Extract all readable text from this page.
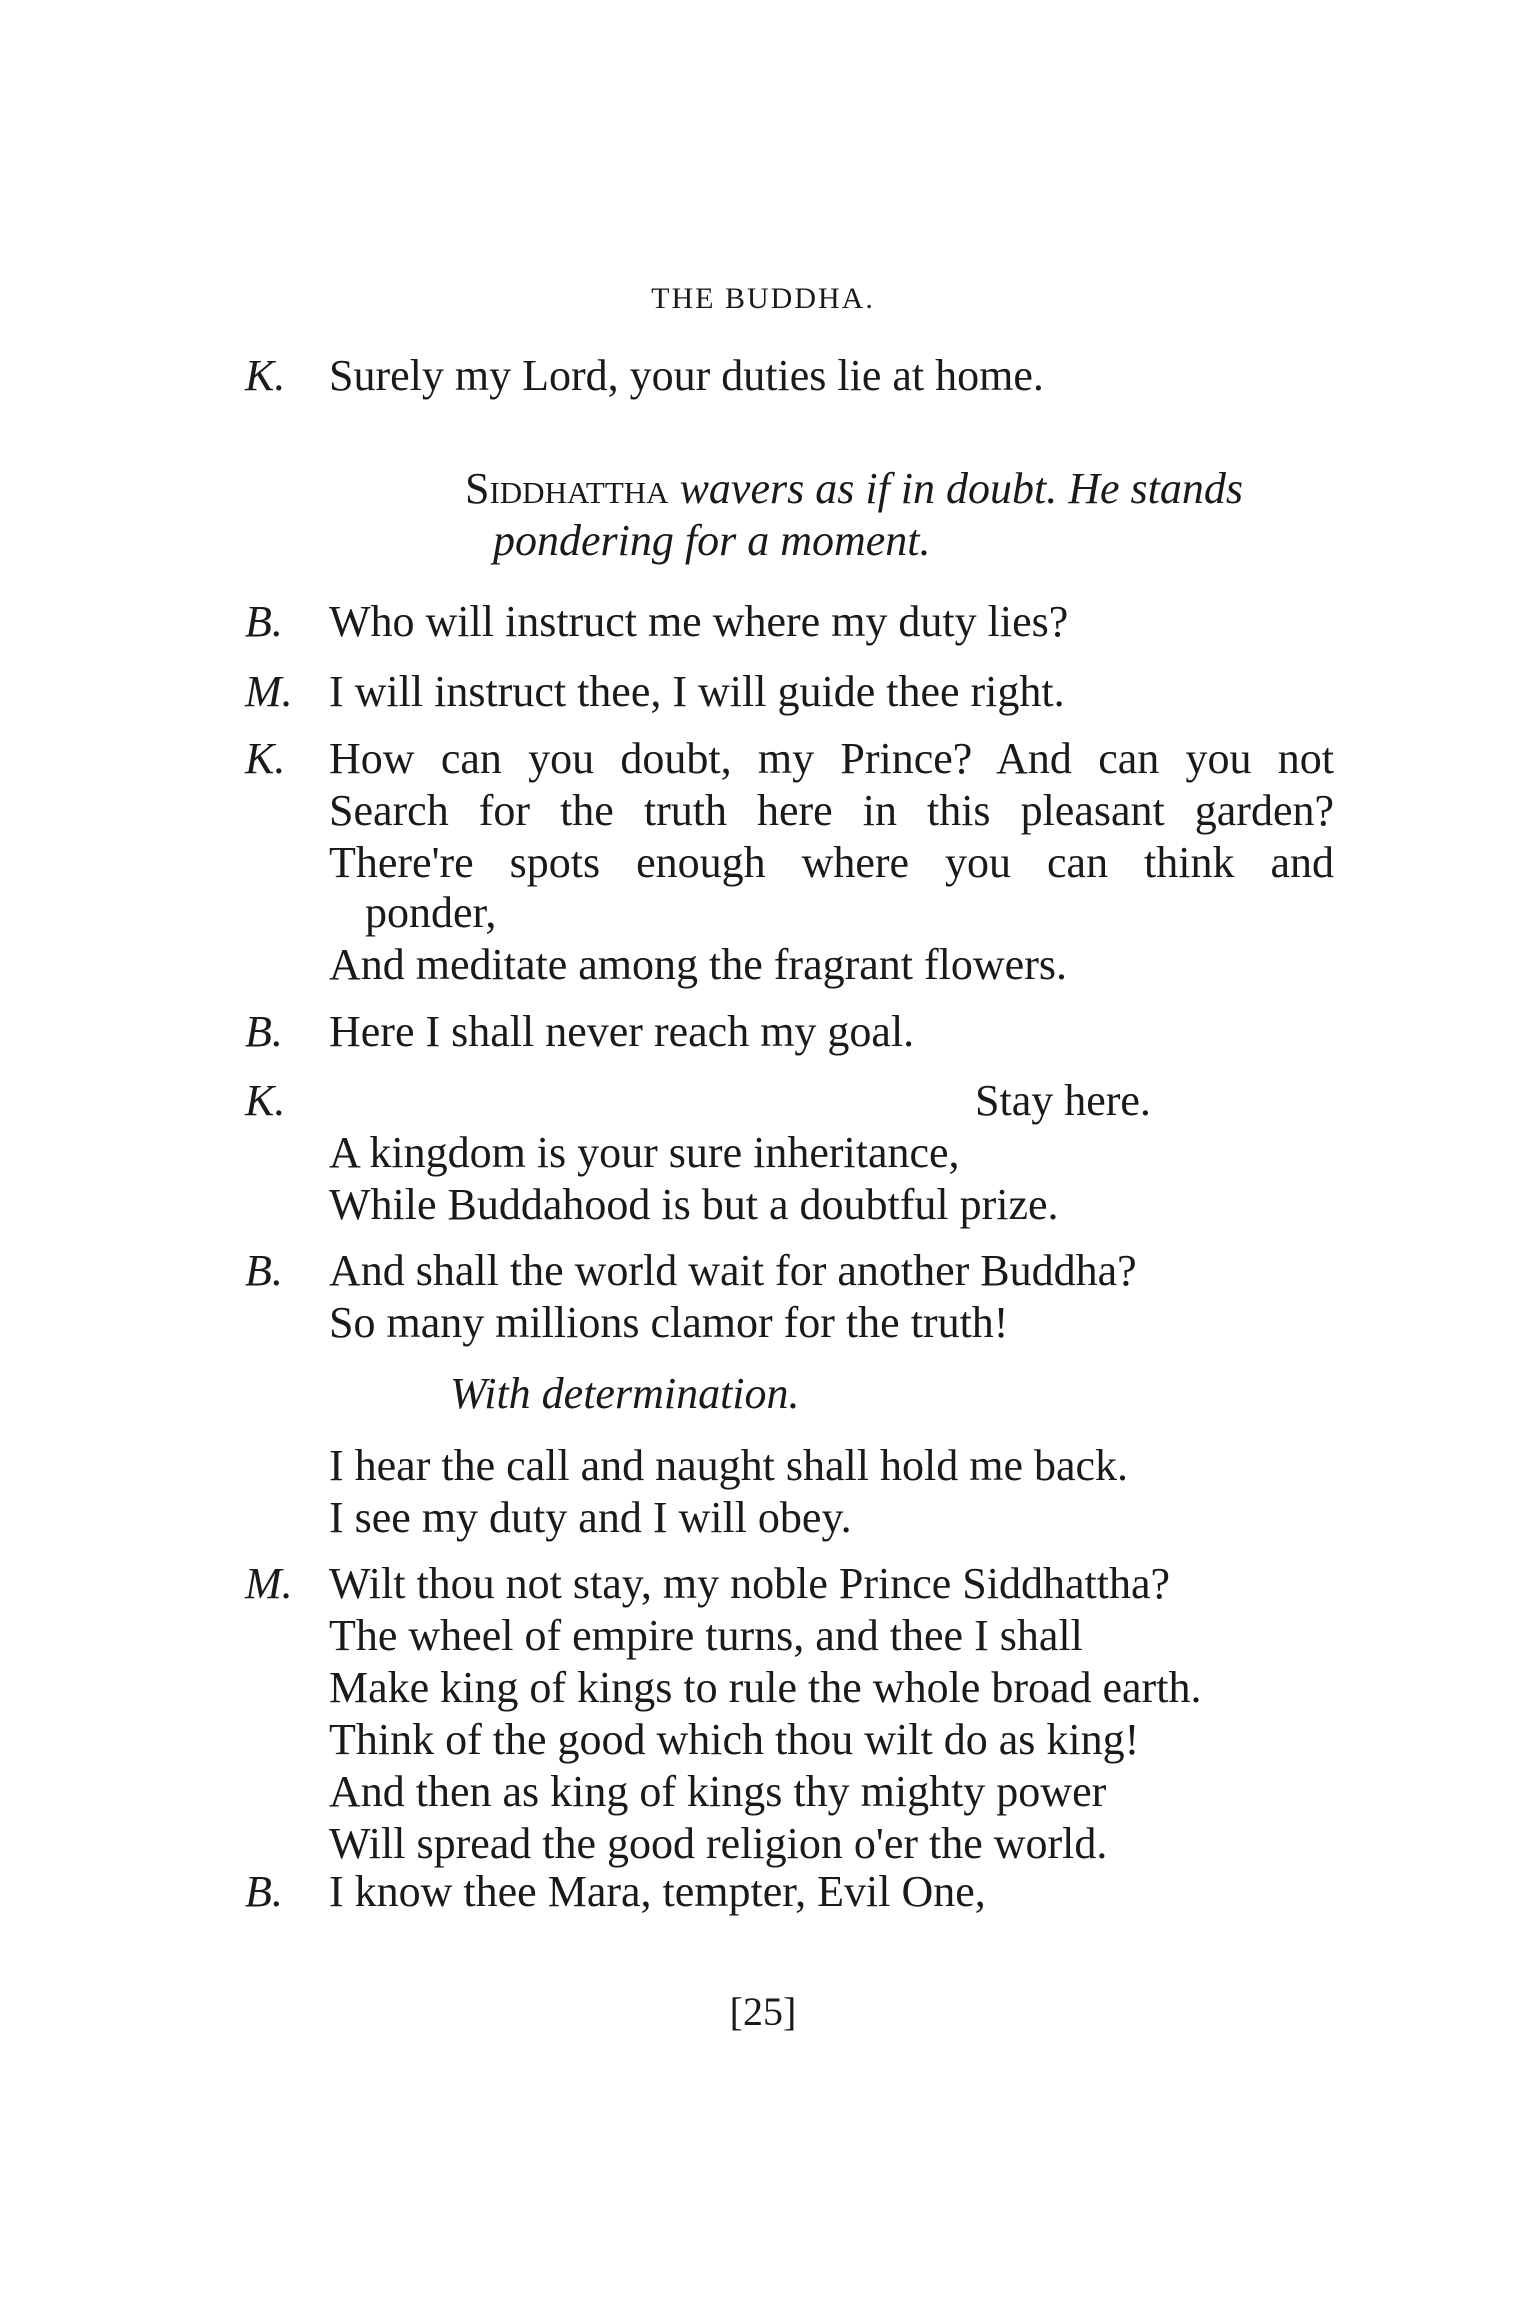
THE BUDDHA.
K. Surely my Lord, your duties lie at home.
Siddhattha wavers as if in doubt. He stands
pondering for a moment.
B. Who will instruct me where my duty lies?
M. I will instruct thee, I will guide thee right.
K. How can you doubt, my Prince? And can you not
Search for the truth here in this pleasant garden?
There're spots enough where you can think and
ponder,
And meditate among the fragrant flowers.
B. Here I shall never reach my goal.
K.	Stay here.
A kingdom is your sure inheritance,
While Buddahood is but a doubtful prize.
B. And shall the world wait for another Buddha?
So many millions clamor for the truth!
With determination.
I hear the call and naught shall hold me back.
I see my duty and I will obey.
M. Wilt thou not stay, my noble Prince Siddhattha?
The wheel of empire turns, and thee I shall
Make king of kings to rule the whole broad earth.
Think of the good which thou wilt do as king!
And then as king of kings thy mighty power
Will spread the good religion o'er the world.
B. I know thee Mara, tempter, Evil One,
[25]
